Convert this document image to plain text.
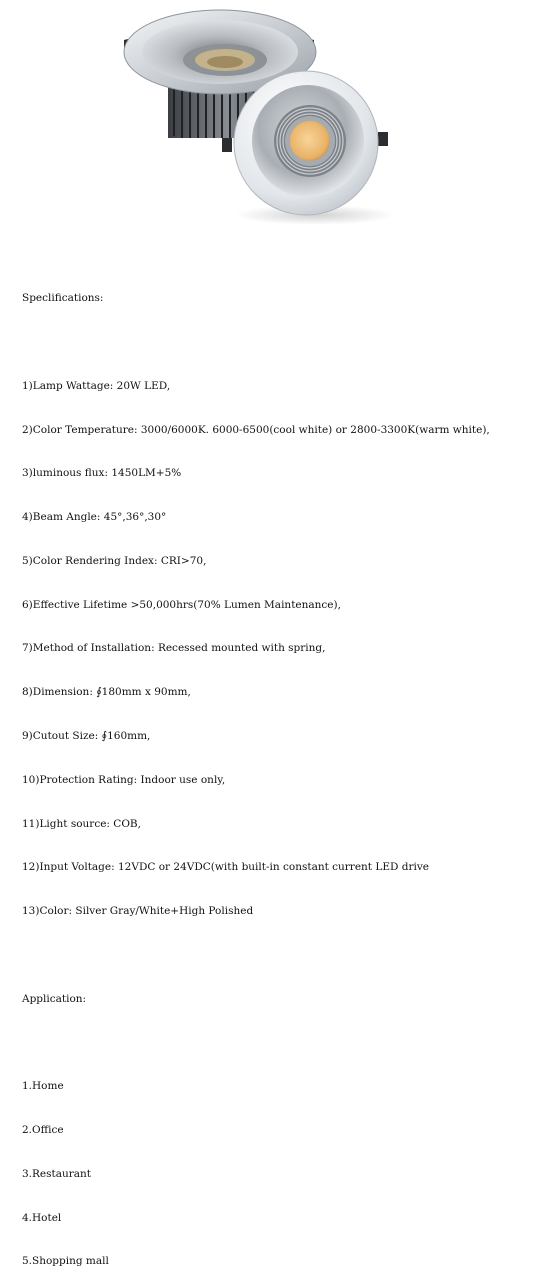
Speclifications:

1)Lamp Wattage: 20W LED,

2)Color Temperature: 3000/6000K. 6000-6500(cool white) or 2800-3300K(warm white),

3)luminous flux: 1450LM+5%

4)Beam Angle: 45°,36°,30°

5)Color Rendering Index: CRI>70,

6)Effective Lifetime >50,000hrs(70% Lumen Maintenance),

7)Method of Installation: Recessed mounted with spring,

8)Dimension: ∮180mm x 90mm,

9)Cutout Size: ∮160mm,

10)Protection Rating: Indoor use only,

11)Light source: COB,

12)Input Voltage: 12VDC or 24VDC(with built-in constant current LED drive

13)Color: Silver Gray/White+High Polished

Application:

1.Home

2.Office

3.Restaurant

4.Hotel

5.Shopping mall
